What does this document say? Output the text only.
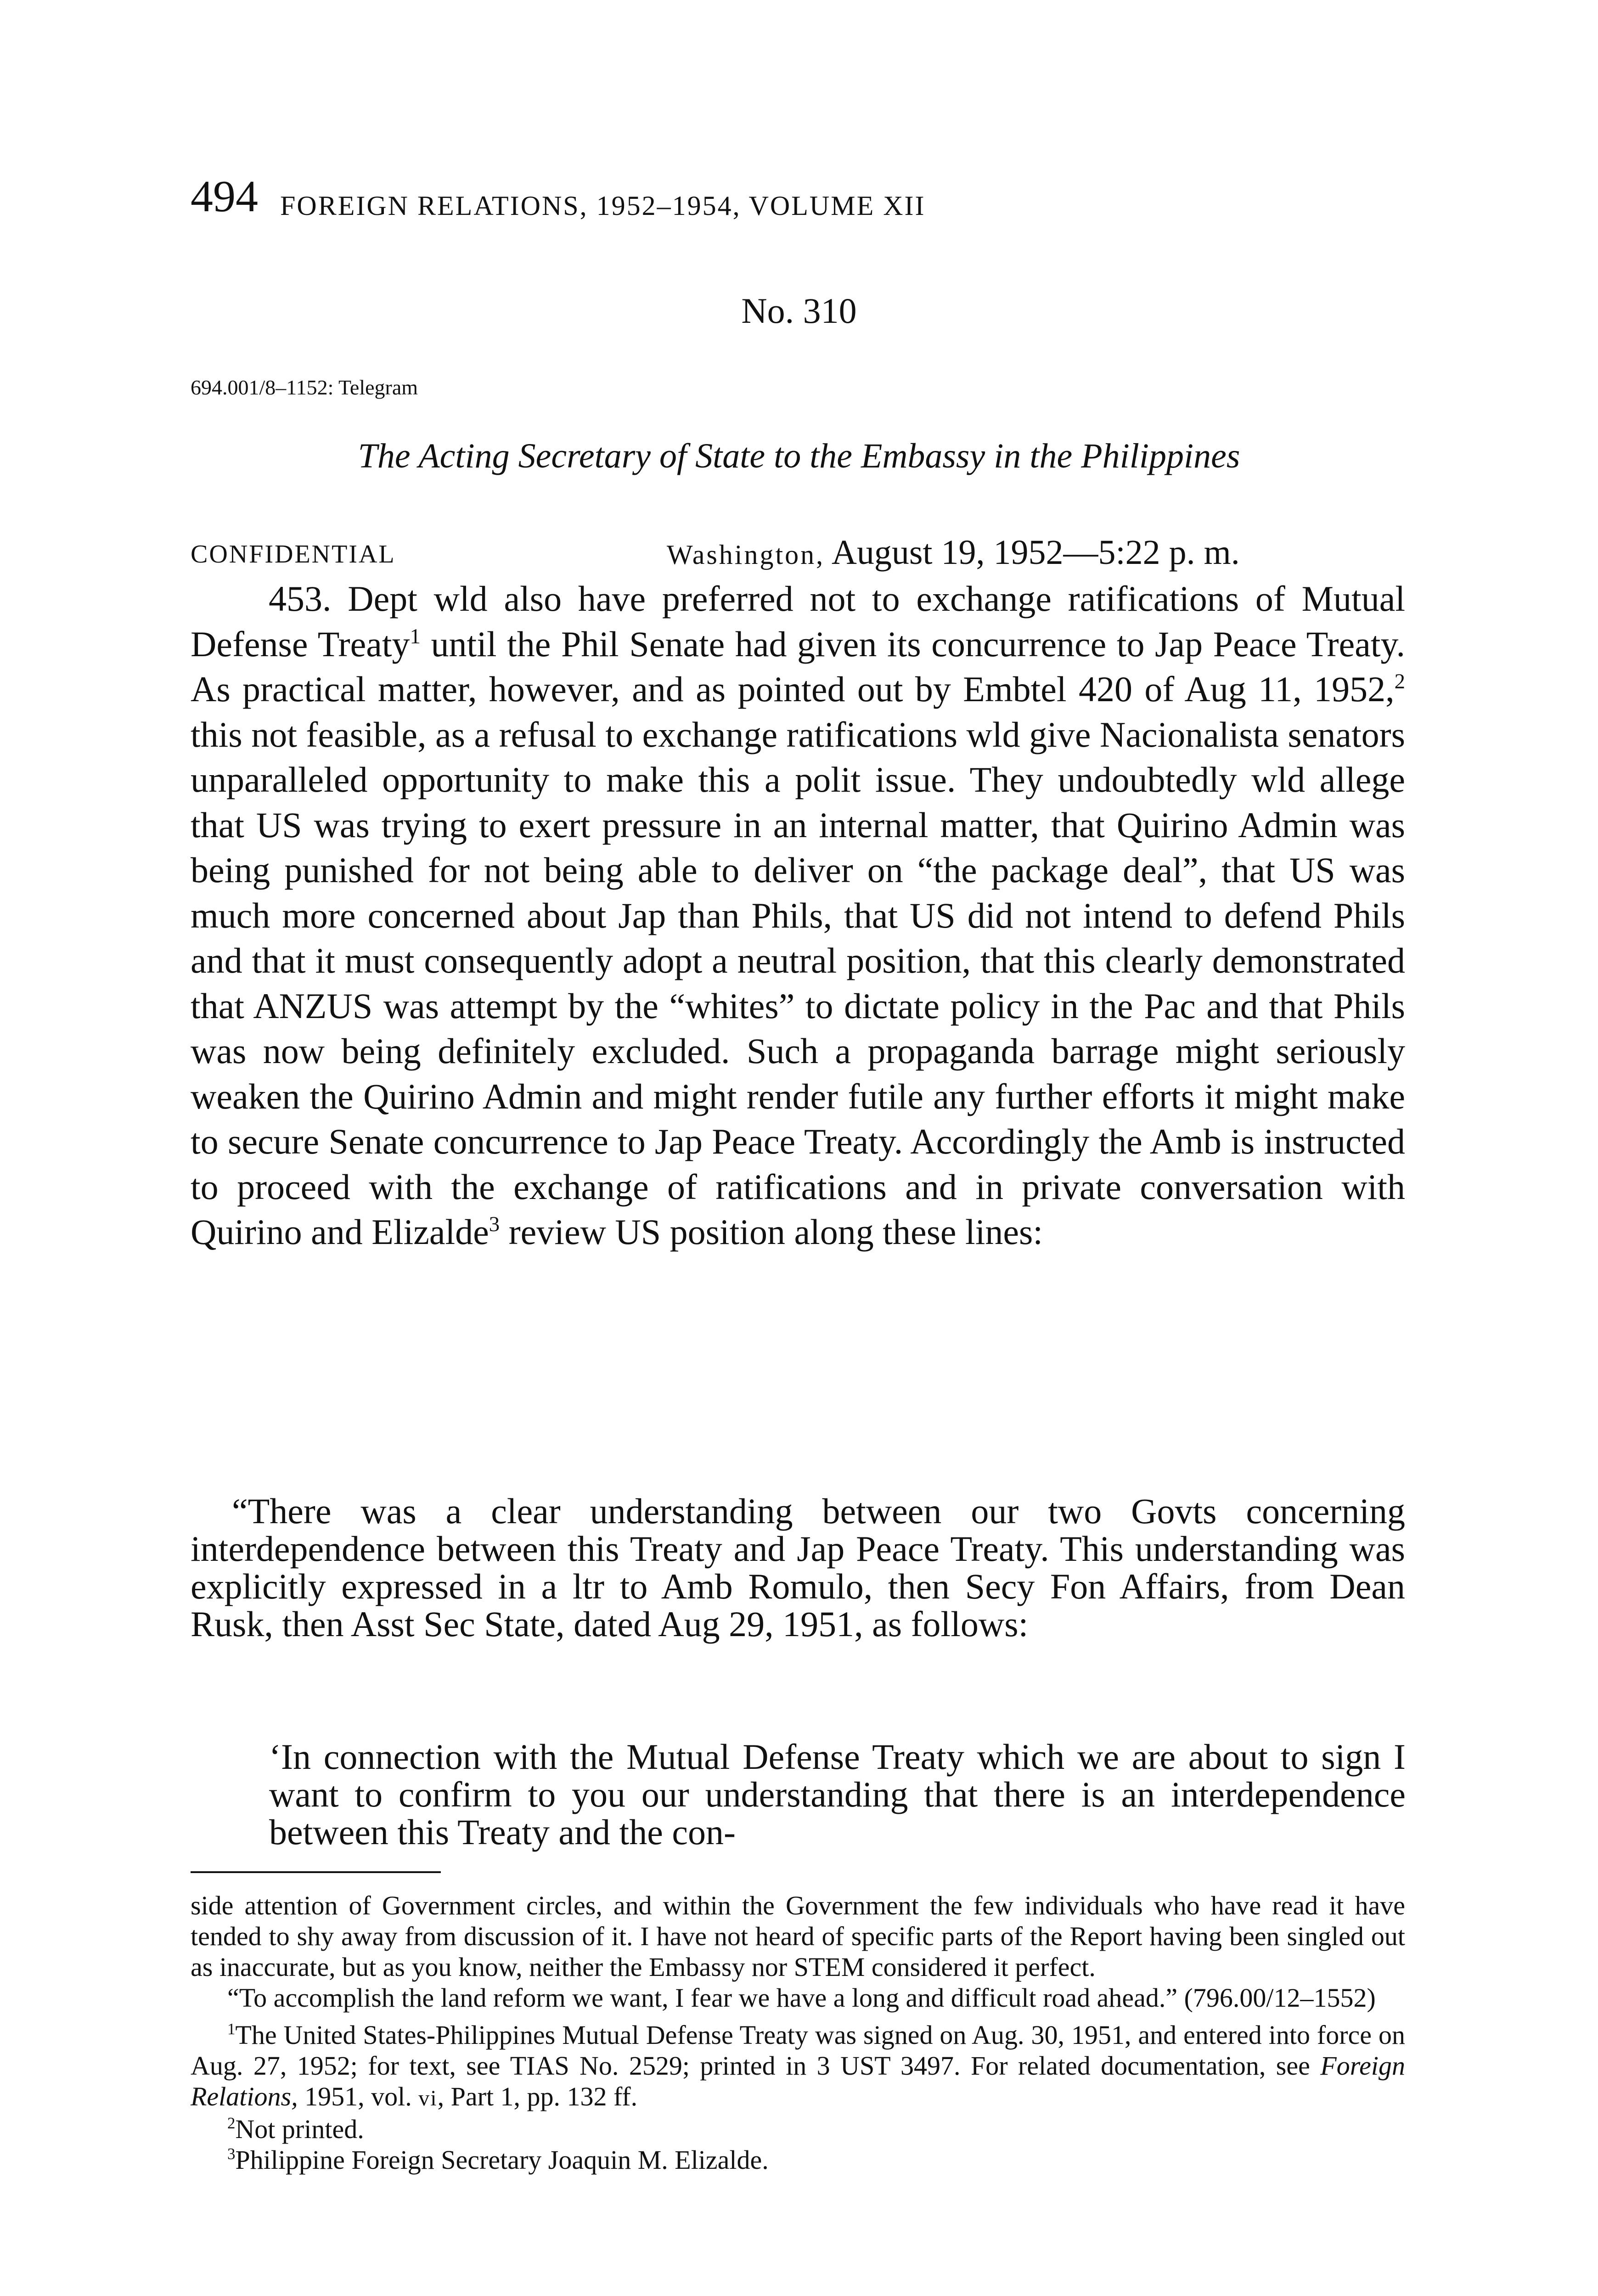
494 FOREIGN RELATIONS, 1952–1954, VOLUME XII
No. 310
694.001/8–1152: Telegram
The Acting Secretary of State to the Embassy in the Philippines
CONFIDENTIAL	Washington, August 19, 1952—5:22 p. m.

453. Dept wld also have preferred not to exchange ratifications of Mutual Defense Treaty$^1$ until the Phil Senate had given its concurrence to Jap Peace Treaty. As practical matter, however, and as pointed out by Embtel 420 of Aug 11, 1952,$^2$ this not feasible, as a refusal to exchange ratifications wld give Nacionalista senators unparalleled opportunity to make this a polit issue. They undoubtedly wld allege that US was trying to exert pressure in an internal matter, that Quirino Admin was being punished for not being able to deliver on “the package deal”, that US was much more concerned about Jap than Phils, that US did not intend to defend Phils and that it must consequently adopt a neutral position, that this clearly demonstrated that ANZUS was attempt by the “whites” to dictate policy in the Pac and that Phils was now being definitely excluded. Such a propaganda barrage might seriously weaken the Quirino Admin and might render futile any further efforts it might make to secure Senate concurrence to Jap Peace Treaty. Accordingly the Amb is instructed to proceed with the exchange of ratifications and in private conversation with Quirino and Elizalde$^3$ review US position along these lines:

“There was a clear understanding between our two Govts concerning interdependence between this Treaty and Jap Peace Treaty. This understanding was explicitly expressed in a ltr to Amb Romulo, then Secy Fon Affairs, from Dean Rusk, then Asst Sec State, dated Aug 29, 1951, as follows:

‘In connection with the Mutual Defense Treaty which we are about to sign I want to confirm to you our understanding that there is an interdependence between this Treaty and the con-

side attention of Government circles, and within the Government the few individuals who have read it have tended to shy away from discussion of it. I have not heard of specific parts of the Report having been singled out as inaccurate, but as you know, neither the Embassy nor STEM considered it perfect.

“To accomplish the land reform we want, I fear we have a long and difficult road ahead.” (796.00/12–1552)

$^1$The United States-Philippines Mutual Defense Treaty was signed on Aug. 30, 1951, and entered into force on Aug. 27, 1952; for text, see TIAS No. 2529; printed in 3 UST 3497. For related documentation, see Foreign Relations, 1951, vol. vi, Part 1, pp. 132 ff.

$^2$Not printed.

$^3$Philippine Foreign Secretary Joaquin M. Elizalde.
